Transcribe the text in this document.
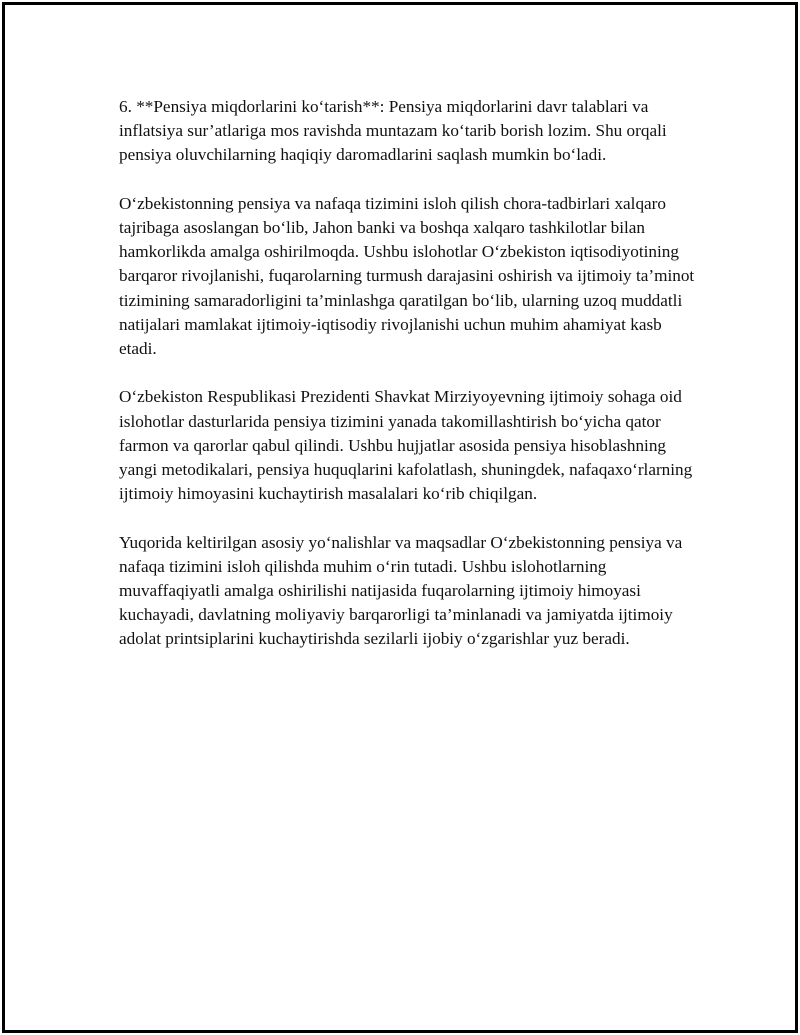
6. **Pensiya miqdorlarini ko‘tarish**: Pensiya miqdorlarini davr talablari va inflatsiya sur’atlariga mos ravishda muntazam ko‘tarib borish lozim. Shu orqali pensiya oluvchilarning haqiqiy daromadlarini saqlash mumkin bo‘ladi.

O‘zbekistonning pensiya va nafaqa tizimini isloh qilish chora-tadbirlari xalqaro tajribaga asoslangan bo‘lib, Jahon banki va boshqa xalqaro tashkilotlar bilan hamkorlikda amalga oshirilmoqda. Ushbu islohotlar O‘zbekiston iqtisodiyotining barqaror rivojlanishi, fuqarolarning turmush darajasini oshirish va ijtimoiy ta’minot tizimining samaradorligini ta’minlashga qaratilgan bo‘lib, ularning uzoq muddatli natijalari mamlakat ijtimoiy-iqtisodiy rivojlanishi uchun muhim ahamiyat kasb etadi.

O‘zbekiston Respublikasi Prezidenti Shavkat Mirziyoyevning ijtimoiy sohaga oid islohotlar dasturlarida pensiya tizimini yanada takomillashtirish bo‘yicha qator farmon va qarorlar qabul qilindi. Ushbu hujjatlar asosida pensiya hisoblashning yangi metodikalari, pensiya huquqlarini kafolatlash, shuningdek, nafaqaxo‘rlarning ijtimoiy himoyasini kuchaytirish masalalari ko‘rib chiqilgan.

Yuqorida keltirilgan asosiy yo‘nalishlar va maqsadlar O‘zbekistonning pensiya va nafaqa tizimini isloh qilishda muhim o‘rin tutadi. Ushbu islohotlarning muvaffaqiyatli amalga oshirilishi natijasida fuqarolarning ijtimoiy himoyasi kuchayadi, davlatning moliyaviy barqarorligi ta’minlanadi va jamiyatda ijtimoiy adolat printsiplarini kuchaytirishda sezilarli ijobiy o‘zgarishlar yuz beradi.
